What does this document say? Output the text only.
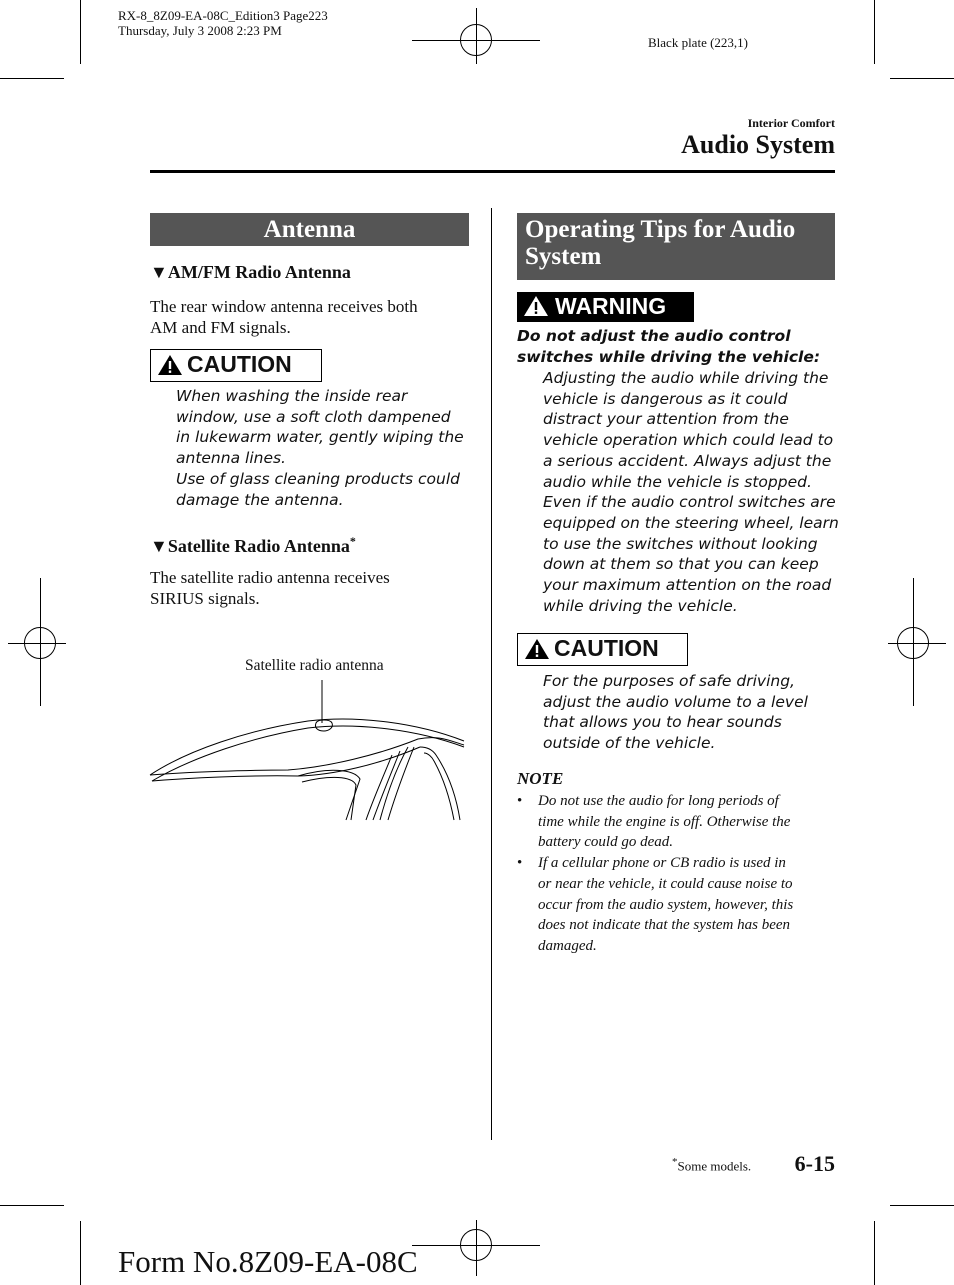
RX-8_8Z09-EA-08C_Edition3 Page223
Thursday, July 3 2008 2:23 PM
Black plate (223,1)
Interior Comfort
Audio System
Antenna
▼AM/FM Radio Antenna
The rear window antenna receives both
AM and FM signals.
CAUTION
When washing the inside rear
window, use a soft cloth dampened
in lukewarm water, gently wiping the
antenna lines.
Use of glass cleaning products could
damage the antenna.
▼Satellite Radio Antenna*
The satellite radio antenna receives
SIRIUS signals.
Satellite radio antenna
Operating Tips for Audio
System
WARNING
Do not adjust the audio control
switches while driving the vehicle:
Adjusting the audio while driving the
vehicle is dangerous as it could
distract your attention from the
vehicle operation which could lead to
a serious accident. Always adjust the
audio while the vehicle is stopped.
Even if the audio control switches are
equipped on the steering wheel, learn
to use the switches without looking
down at them so that you can keep
your maximum attention on the road
while driving the vehicle.
CAUTION
For the purposes of safe driving,
adjust the audio volume to a level
that allows you to hear sounds
outside of the vehicle.
NOTE
• Do not use the audio for long periods of
time while the engine is off. Otherwise the
battery could go dead.
• If a cellular phone or CB radio is used in
or near the vehicle, it could cause noise to
occur from the audio system, however, this
does not indicate that the system has been
damaged.
*Some models. 6-15
Form No.8Z09-EA-08C
